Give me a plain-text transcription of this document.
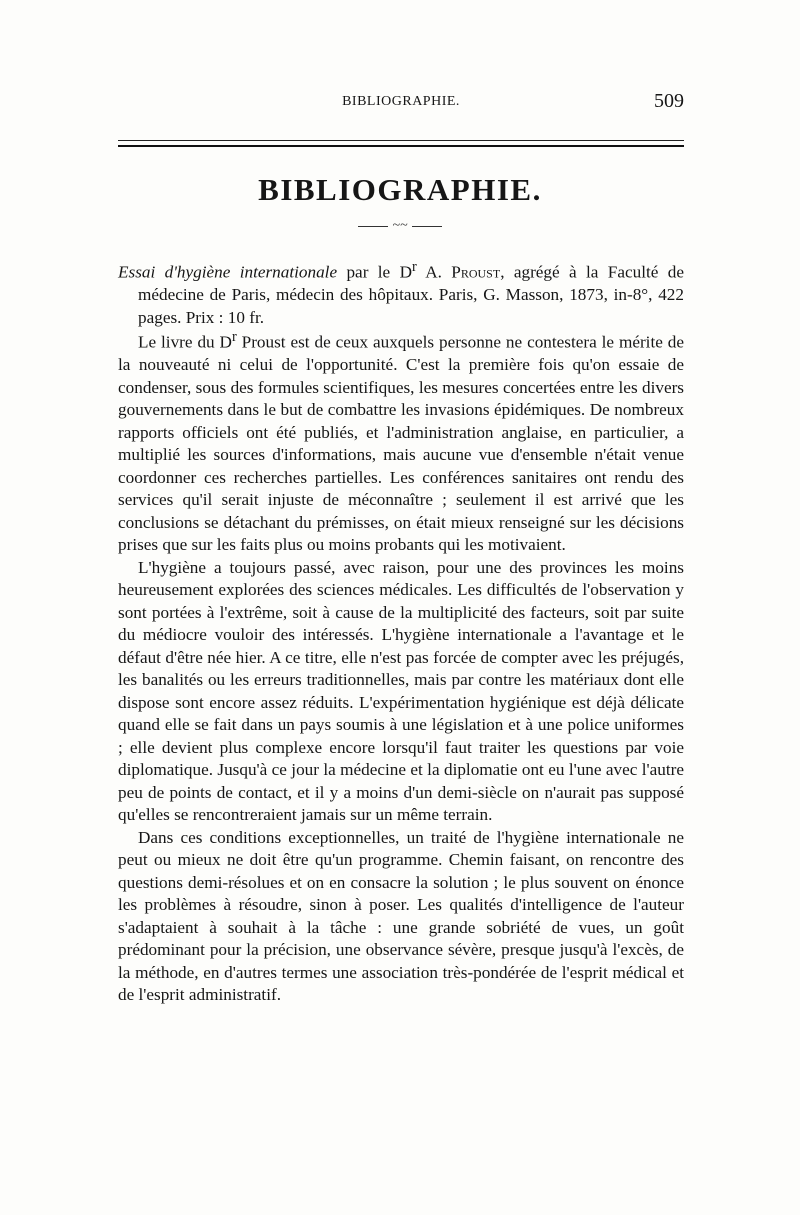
BIBLIOGRAPHIE.	509
BIBLIOGRAPHIE.
~~

Essai d'hygiène internationale par le $D^r$ A. Proust, agrégé à la Faculté de médecine de Paris, médecin des hôpitaux. Paris, G. Masson, 1873, in-8°, 422 pages. Prix : 10 fr.

Le livre du $D^r$ Proust est de ceux auxquels personne ne contestera le mérite de la nouveauté ni celui de l'opportunité. C'est la première fois qu'on essaie de condenser, sous des formules scientifiques, les mesures concertées entre les divers gouvernements dans le but de combattre les invasions épidémiques. De nombreux rapports officiels ont été publiés, et l'administration anglaise, en particulier, a multiplié les sources d'informations, mais aucune vue d'ensemble n'était venue coordonner ces recherches partielles. Les conférences sanitaires ont rendu des services qu'il serait injuste de méconnaître ; seulement il est arrivé que les conclusions se détachant du prémisses, on était mieux renseigné sur les décisions prises que sur les faits plus ou moins probants qui les motivaient.

L'hygiène a toujours passé, avec raison, pour une des provinces les moins heureusement explorées des sciences médicales. Les difficultés de l'observation y sont portées à l'extrême, soit à cause de la multiplicité des facteurs, soit par suite du médiocre vouloir des intéressés. L'hygiène internationale a l'avantage et le défaut d'être née hier. A ce titre, elle n'est pas forcée de compter avec les préjugés, les banalités ou les erreurs traditionnelles, mais par contre les matériaux dont elle dispose sont encore assez réduits. L'expérimentation hygiénique est déjà délicate quand elle se fait dans un pays soumis à une législation et à une police uniformes ; elle devient plus complexe encore lorsqu'il faut traiter les questions par voie diplomatique. Jusqu'à ce jour la médecine et la diplomatie ont eu l'une avec l'autre peu de points de contact, et il y a moins d'un demi-siècle on n'aurait pas supposé qu'elles se rencontreraient jamais sur un même terrain.

Dans ces conditions exceptionnelles, un traité de l'hygiène internationale ne peut ou mieux ne doit être qu'un programme. Chemin faisant, on rencontre des questions demi-résolues et on en consacre la solution ; le plus souvent on énonce les problèmes à résoudre, sinon à poser. Les qualités d'intelligence de l'auteur s'adaptaient à souhait à la tâche : une grande sobriété de vues, un goût prédominant pour la précision, une observance sévère, presque jusqu'à l'excès, de la méthode, en d'autres termes une association très-pondérée de l'esprit médical et de l'esprit administratif.
